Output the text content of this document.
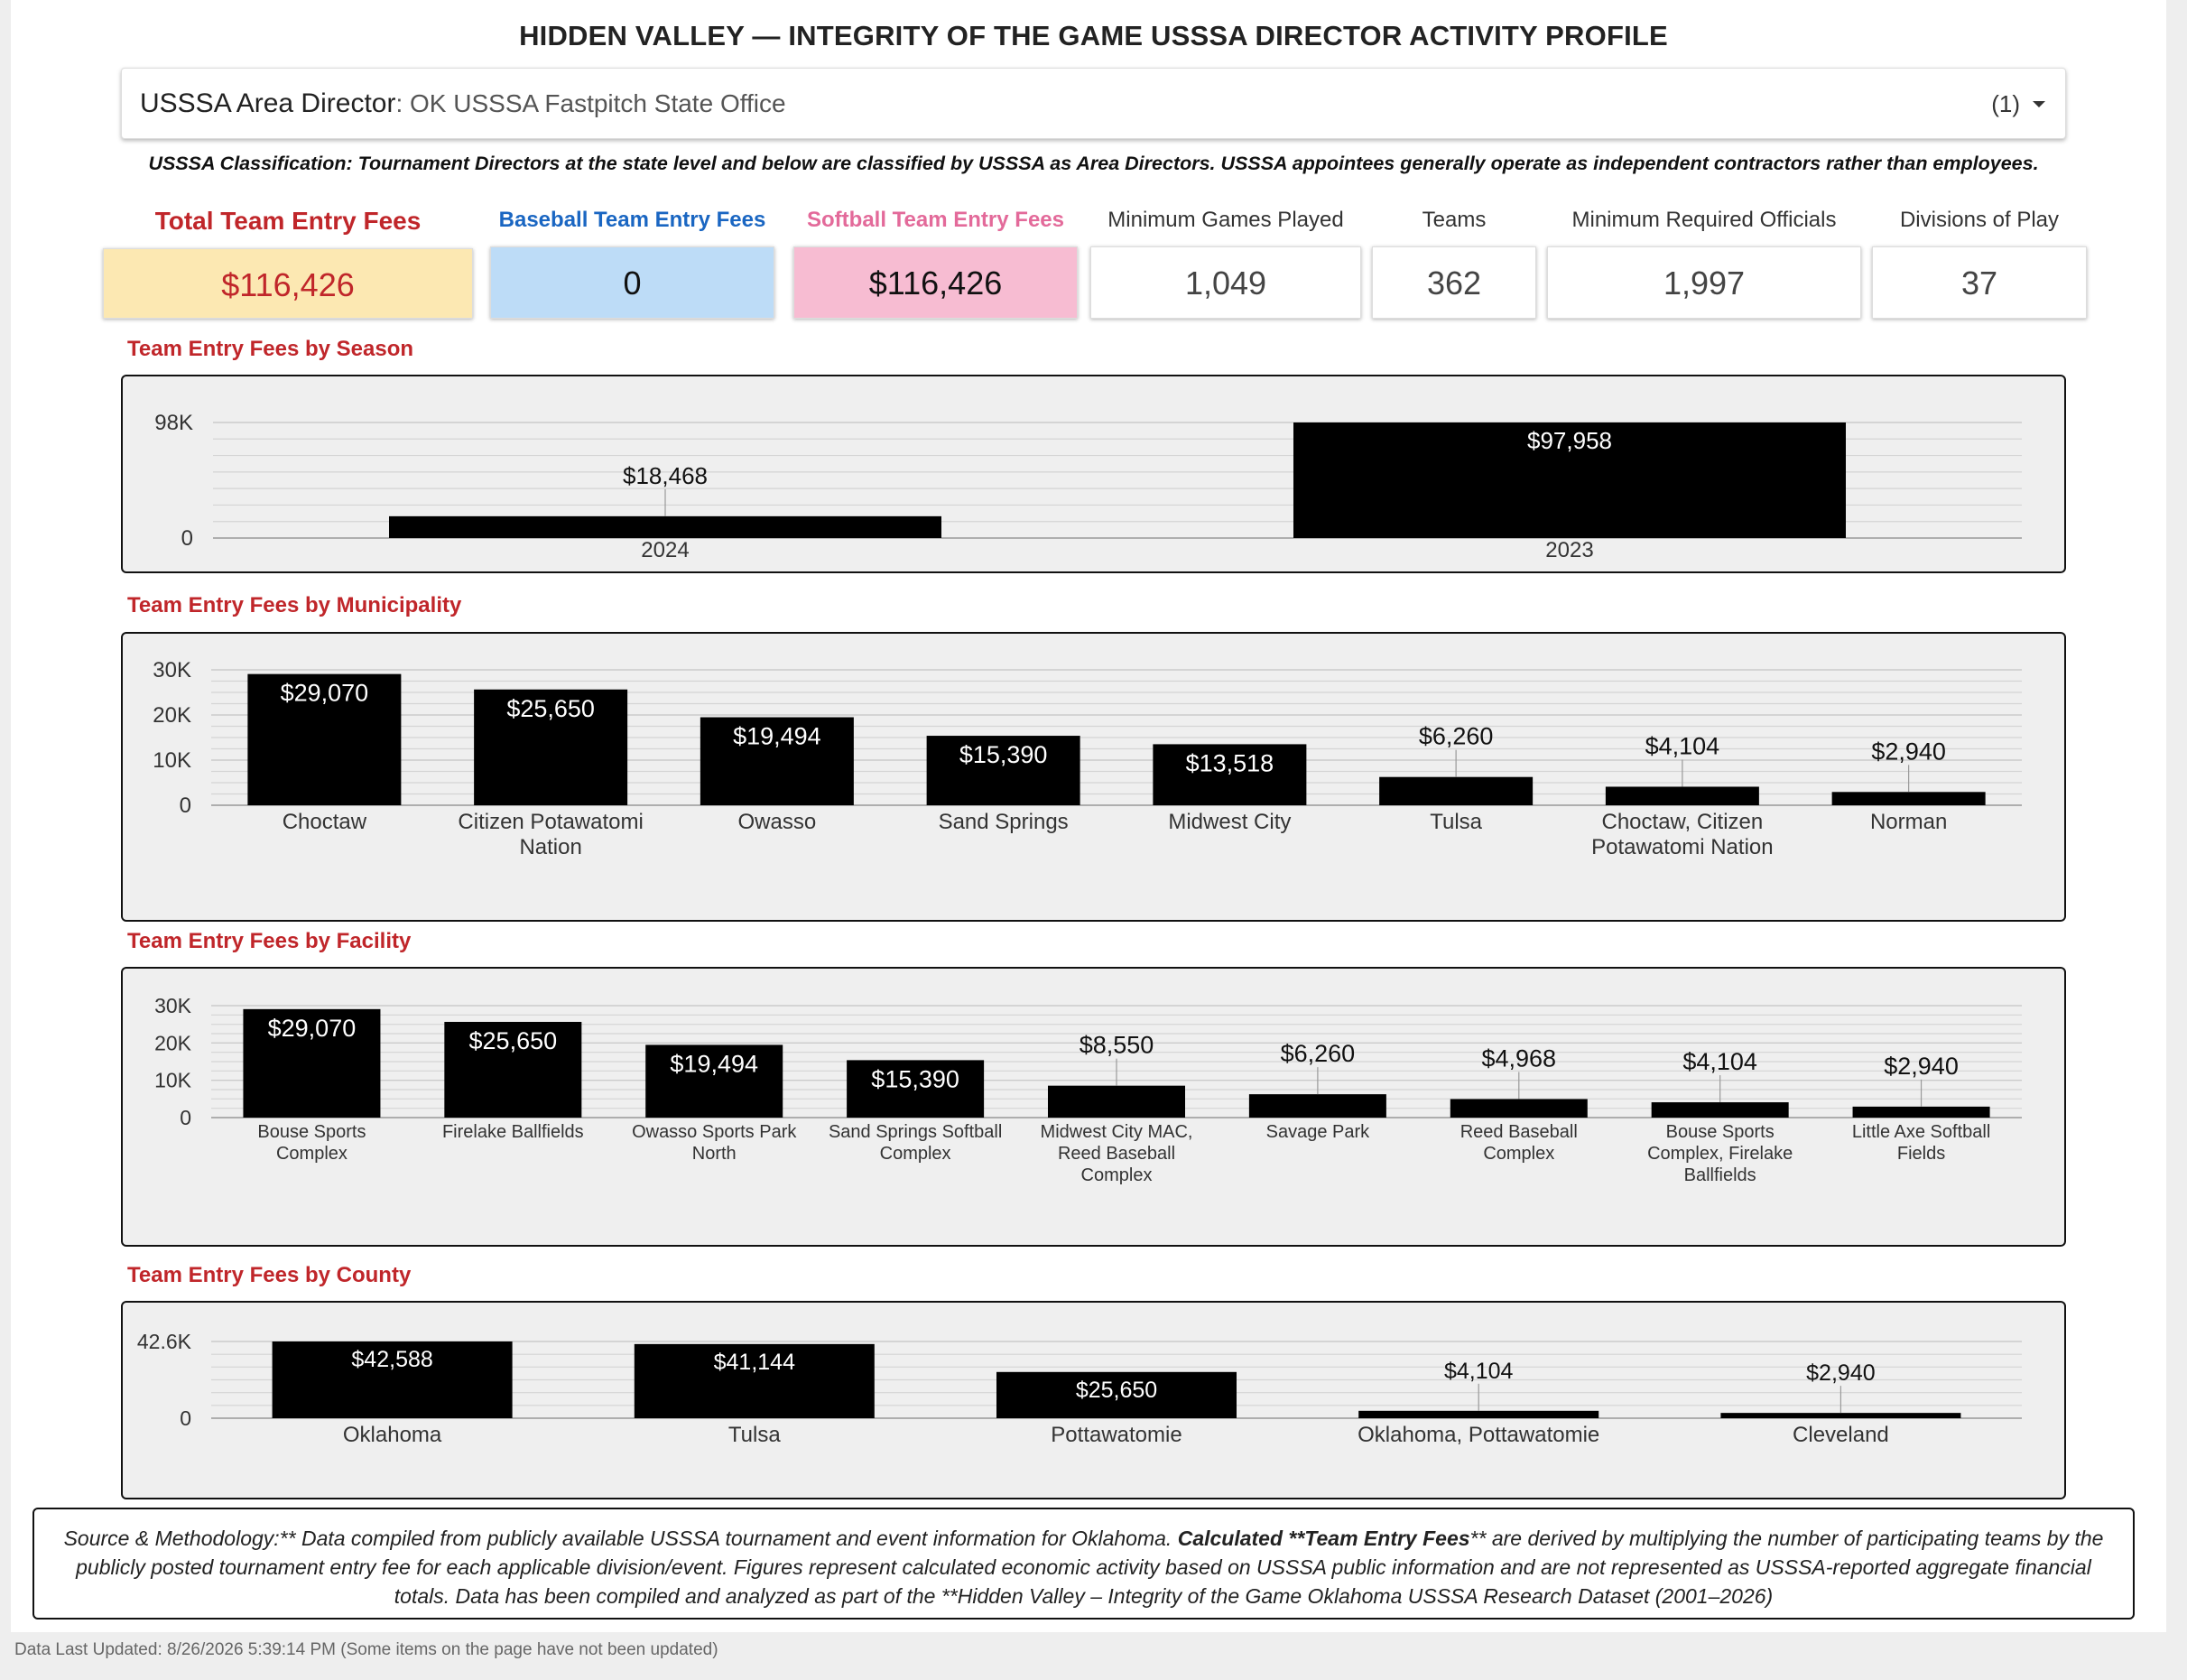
HIDDEN VALLEY — INTEGRITY OF THE GAME USSSA DIRECTOR ACTIVITY PROFILE
USSSA Area Director: OK USSSA Fastpitch State Office	(1)
USSSA Classification: Tournament Directors at the state level and below are classified by USSSA as Area Directors. USSSA appointees generally operate as independent contractors rather than employees.
Total Team Entry Fees	Baseball Team Entry Fees	Softball Team Entry Fees	Minimum Games Played	Teams	Minimum Required Officials	Divisions of Play
$116,426	0	$116,426	1,049	362	1,997	37
Team Entry Fees by Season
0
98K
$18,468
2024
$97,958
2023
Team Entry Fees by Municipality
0
10K
20K
30K
$29,070
Choctaw
$25,650
Citizen Potawatomi
Nation
$19,494
Owasso
$15,390
Sand Springs
$13,518
Midwest City
$6,260
Tulsa
$4,104
Choctaw, Citizen
Potawatomi Nation
$2,940
Norman
Team Entry Fees by Facility
0
10K
20K
30K
$29,070
Bouse Sports
Complex
$25,650
Firelake Ballfields
$19,494
Owasso Sports Park
North
$15,390
Sand Springs Softball
Complex
$8,550
Midwest City MAC,
Reed Baseball
Complex
$6,260
Savage Park
$4,968
Reed Baseball
Complex
$4,104
Bouse Sports
Complex, Firelake
Ballfields
$2,940
Little Axe Softball
Fields
Team Entry Fees by County
0
42.6K
$42,588
Oklahoma
$41,144
Tulsa
$25,650
Pottawatomie
$4,104
Oklahoma, Pottawatomie
$2,940
Cleveland
Source & Methodology:** Data compiled from publicly available USSSA tournament and event information for Oklahoma. Calculated **Team Entry Fees** are derived by multiplying the number of participating teams by the publicly posted tournament entry fee for each applicable division/event. Figures represent calculated economic activity based on USSSA public information and are not represented as USSSA-reported aggregate financial totals. Data has been compiled and analyzed as part of the **Hidden Valley – Integrity of the Game Oklahoma USSSA Research Dataset (2001–2026)
Data Last Updated: 8/26/2026 5:39:14 PM (Some items on the page have not been updated)
